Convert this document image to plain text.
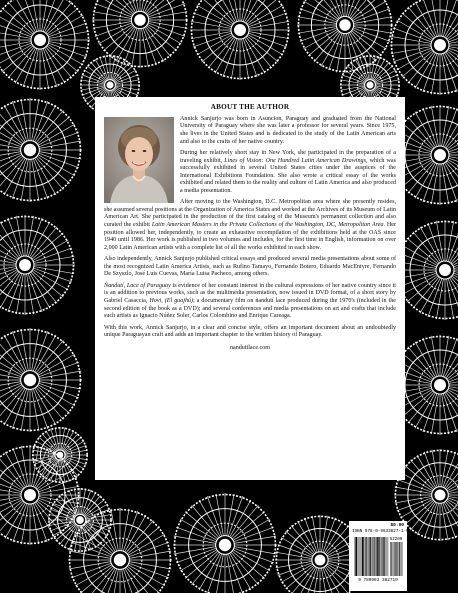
ABOUT THE AUTHOR

Annick Sanjurjo was born in Asuncion, Paraguay and graduated from the National University of Paraguay where she was later a professor for several years. Since 1975, she lives in the United States and is dedicated to the study of the Latin American arts and also to the crafts of her native country.

During her relatively short stay in New York, she participated in the preparation of a traveling exhibit, Lines of Vision: One Hundred Latin American Drawings, which was successfully exhibited in several United States cities under the auspices of the International Exhibitions Foundation. She also wrote a critical essay of the works exhibited and related them to the reality and culture of Latin America and also produced a media presentation.

After moving to the Washington, D.C. Metropolitan area where she presently resides, she assumed several positions at the Organization of America States and worked at the Archives of its Museum of Latin American Art. She participated in the production of the first catalog of the Museum's permanent collection and also curated the exhibit Latin American Masters in the Private Collections of the Washington, DC, Metropolitan Area. Her position allowed her, independently, to create an exhaustive recompilation of the exhibitions held at the OAS since 1940 until 1986. Her work is published in two volumes and includes, for the first time in English, information on over 2,000 Latin American artists with a complete list of all the works exhibited in each show.

Also independently, Annick Sanjurjo published critical essays and produced several media presentations about some of the most recognized Latin America Artists, such as Rufino Tamayo, Fernando Botero, Eduardo MacEntyre, Fernando De Szyszlo, José Luis Cuevas, María Luisa Pacheco, among others.

Ñandutí, Lace of Paraguay is evidence of her constant interest in the cultural expressions of her native country since it is an addition to previous works, such as the multimedia presentation, now issued in DVD format, of a short story by Gabriel Casaccia, Hovi, (El guajhú); a documentary film on ñandutí lace produced during the 1970's (included in the second edition of the book as a DVD); and several conferences and media presentations on art and crafts that include such artists as Ignacio Núñez Soler, Carlos Colombino and Enrique Careaga.

With this work, Annick Sanjurjo, in a clear and concise style, offers an important document about an undoubtedly unique Paraguayan craft and adds an important chapter to the written history of Paraguay.

nandutilace.com
$0.00
ISBN 978-0-9633827-1-9
52200
9 780963 382719
